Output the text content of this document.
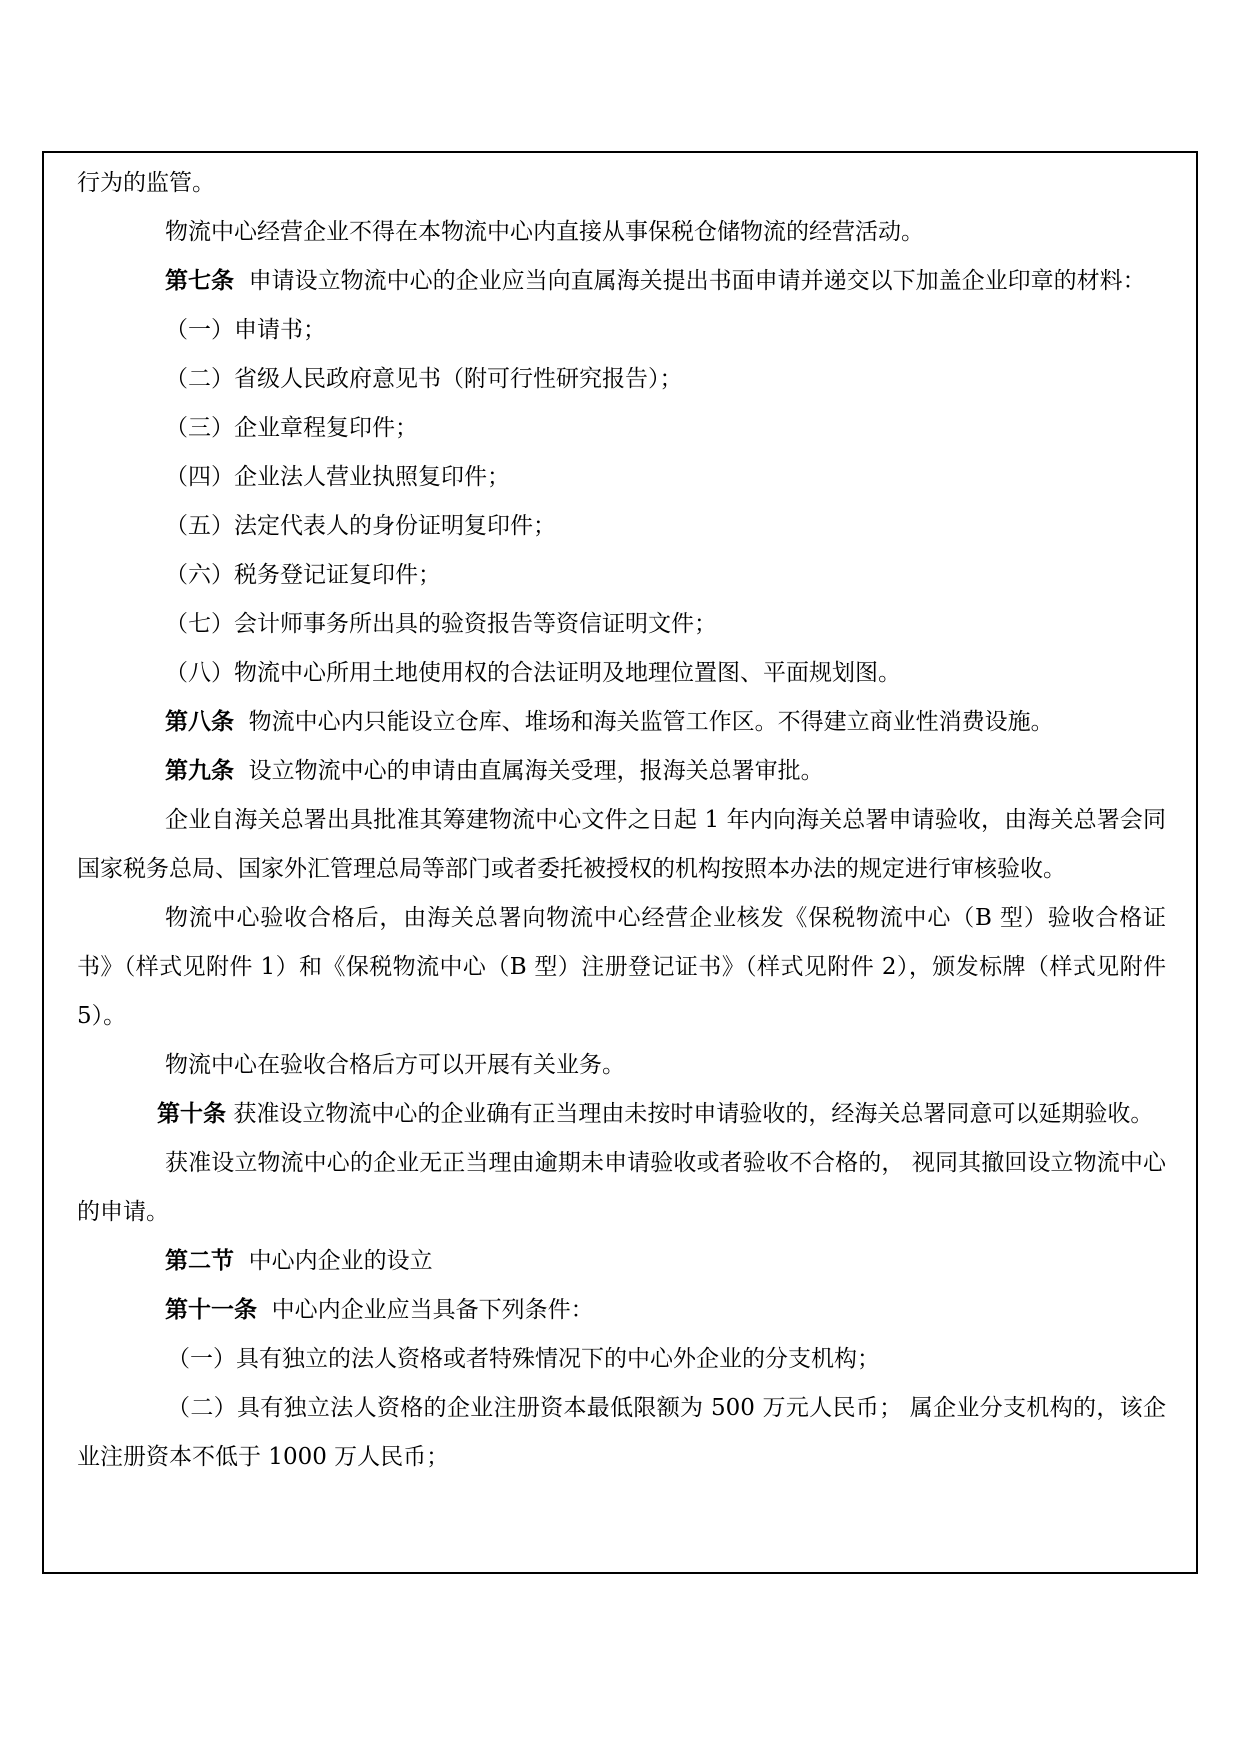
行为的监管。

物流中心经营企业不得在本物流中心内直接从事保税仓储物流的经营活动。

第七条 申请设立物流中心的企业应当向直属海关提出书面申请并递交以下加盖企业印章的材料：

（一）申请书；

（二）省级人民政府意见书（附可行性研究报告）；

（三）企业章程复印件；

（四）企业法人营业执照复印件；

（五）法定代表人的身份证明复印件；

（六）税务登记证复印件；

（七）会计师事务所出具的验资报告等资信证明文件；

（八）物流中心所用土地使用权的合法证明及地理位置图、平面规划图。

第八条 物流中心内只能设立仓库、堆场和海关监管工作区。不得建立商业性消费设施。

第九条 设立物流中心的申请由直属海关受理，报海关总署审批。

企业自海关总署出具批准其筹建物流中心文件之日起 1 年内向海关总署申请验收，由海关总署会同国家税务总局、国家外汇管理总局等部门或者委托被授权的机构按照本办法的规定进行审核验收。

物流中心验收合格后，由海关总署向物流中心经营企业核发《保税物流中心（B 型）验收合格证书》（样式见附件 1）和《保税物流中心（B 型）注册登记证书》（样式见附件 2），颁发标牌（样式见附件 5）。

物流中心在验收合格后方可以开展有关业务。

第十条 获准设立物流中心的企业确有正当理由未按时申请验收的，经海关总署同意可以延期验收。

获准设立物流中心的企业无正当理由逾期未申请验收或者验收不合格的， 视同其撤回设立物流中心的申请。

第二节 中心内企业的设立

第十一条 中心内企业应当具备下列条件：

（一）具有独立的法人资格或者特殊情况下的中心外企业的分支机构；

（二）具有独立法人资格的企业注册资本最低限额为 500 万元人民币； 属企业分支机构的，该企业注册资本不低于 1000 万人民币；
